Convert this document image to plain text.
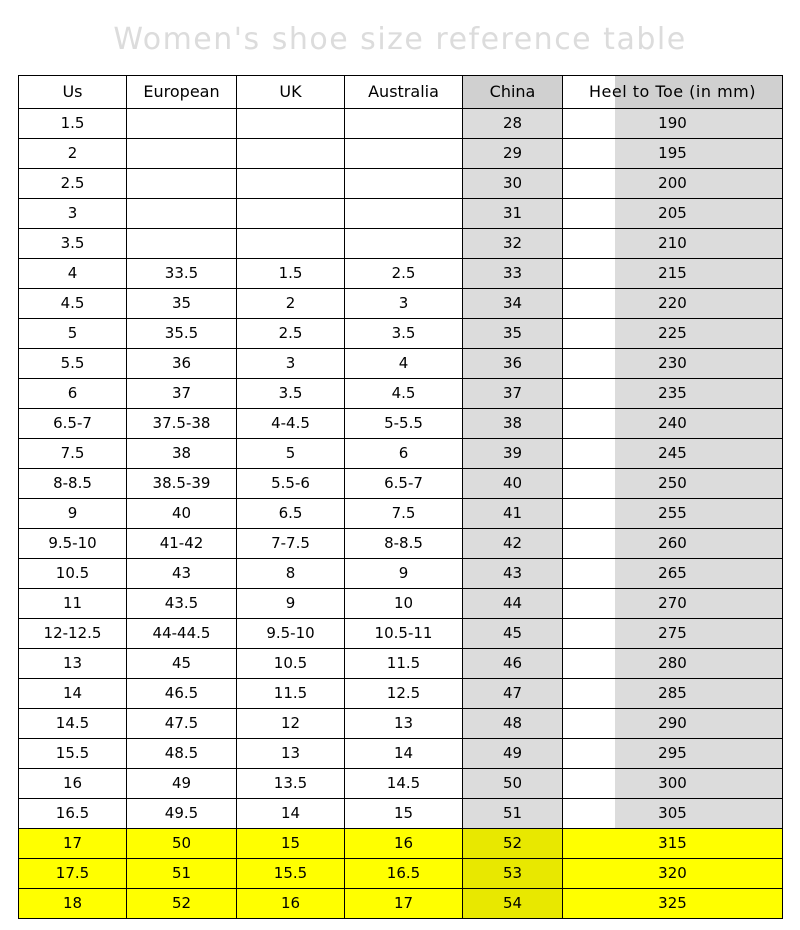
Women's shoe size reference table
Us	European	UK	Australia	China	Heel to Toe (in mm)

1.5				28	190
2				29	195
2.5				30	200
3				31	205
3.5				32	210
4	33.5	1.5	2.5	33	215
4.5	35	2	3	34	220
5	35.5	2.5	3.5	35	225
5.5	36	3	4	36	230
6	37	3.5	4.5	37	235
6.5-7	37.5-38	4-4.5	5-5.5	38	240
7.5	38	5	6	39	245
8-8.5	38.5-39	5.5-6	6.5-7	40	250
9	40	6.5	7.5	41	255
9.5-10	41-42	7-7.5	8-8.5	42	260
10.5	43	8	9	43	265
11	43.5	9	10	44	270
12-12.5	44-44.5	9.5-10	10.5-11	45	275
13	45	10.5	11.5	46	280
14	46.5	11.5	12.5	47	285
14.5	47.5	12	13	48	290
15.5	48.5	13	14	49	295
16	49	13.5	14.5	50	300
16.5	49.5	14	15	51	305
17	50	15	16	52	315
17.5	51	15.5	16.5	53	320
18	52	16	17	54	325
